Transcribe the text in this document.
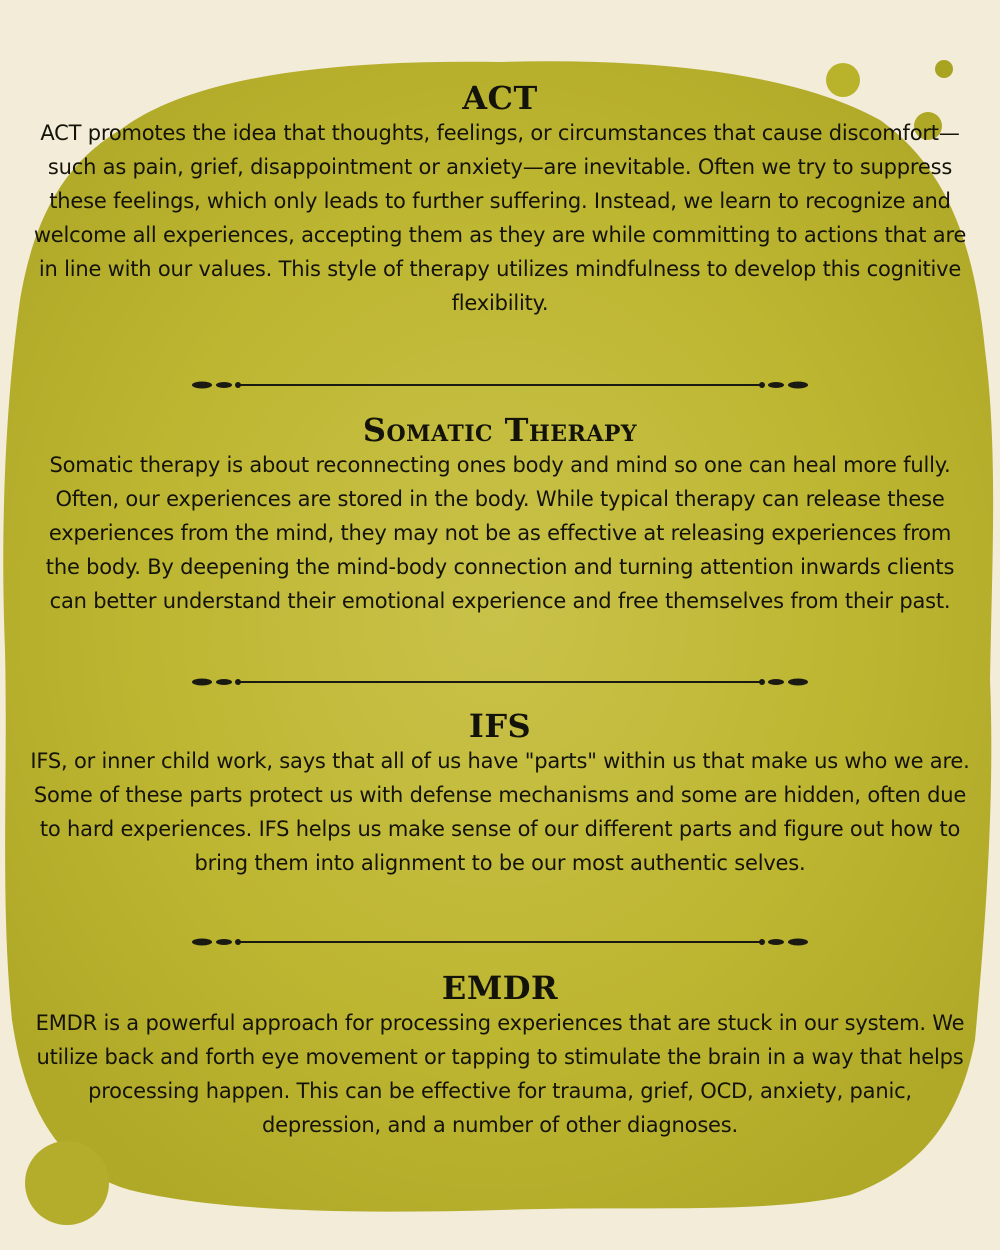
ACT

ACT promotes the idea that thoughts, feelings, or circumstances that cause discomfort—such as pain, grief, disappointment or anxiety—are inevitable. Often we try to suppress these feelings, which only leads to further suffering. Instead, we learn to recognize and welcome all experiences, accepting them as they are while committing to actions that are in line with our values. This style of therapy utilizes mindfulness to develop this cognitive flexibility.

Somatic Therapy

Somatic therapy is about reconnecting ones body and mind so one can heal more fully. Often, our experiences are stored in the body. While typical therapy can release these experiences from the mind, they may not be as effective at releasing experiences from the body. By deepening the mind-body connection and turning attention inwards clients can better understand their emotional experience and free themselves from their past.

IFS

IFS, or inner child work, says that all of us have "parts" within us that make us who we are. Some of these parts protect us with defense mechanisms and some are hidden, often due to hard experiences. IFS helps us make sense of our different parts and figure out how to bring them into alignment to be our most authentic selves.

EMDR

EMDR is a powerful approach for processing experiences that are stuck in our system. We utilize back and forth eye movement or tapping to stimulate the brain in a way that helps processing happen. This can be effective for trauma, grief, OCD, anxiety, panic, depression, and a number of other diagnoses.
